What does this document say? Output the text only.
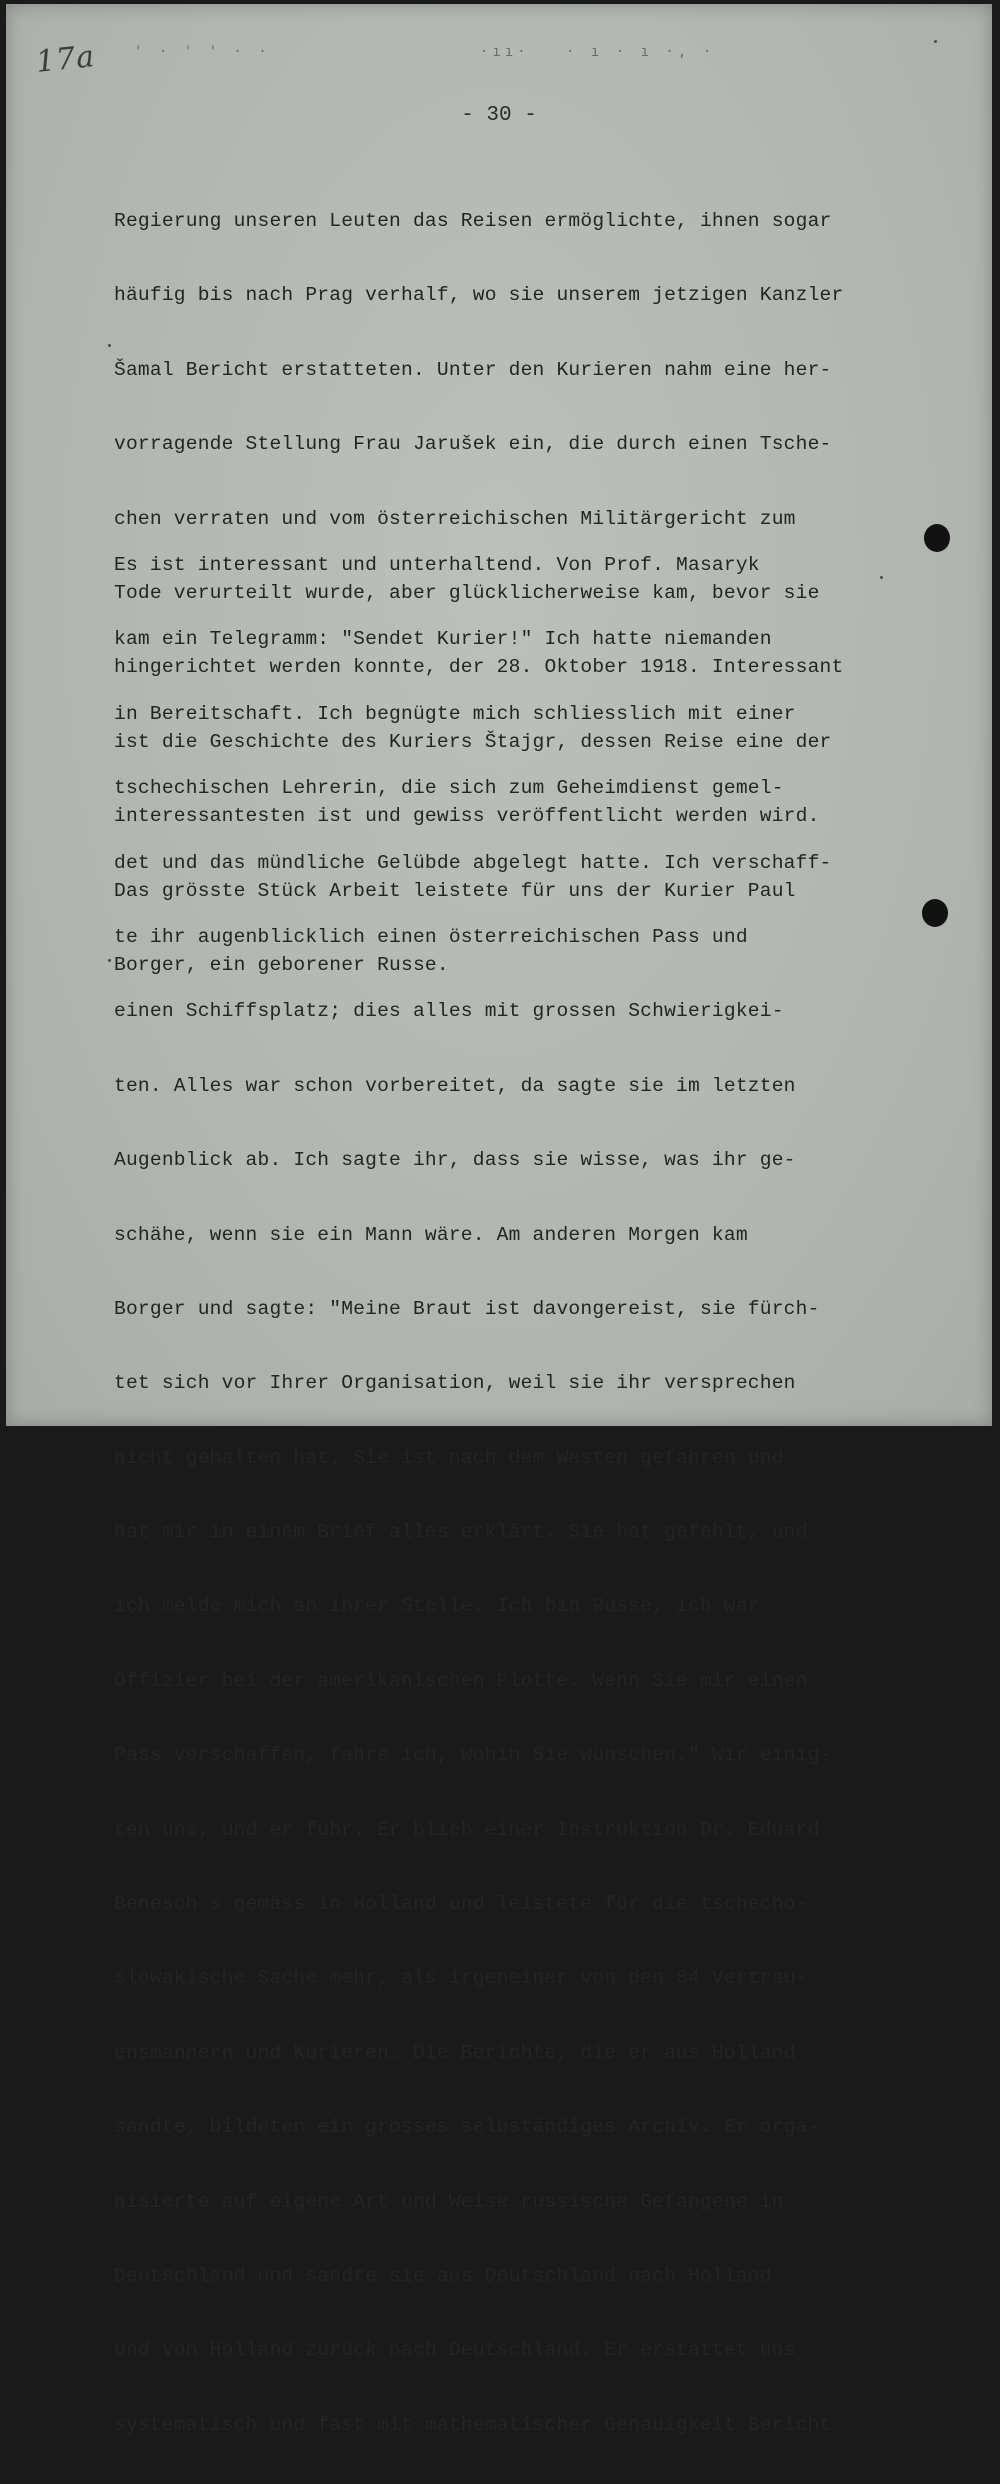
17a	' · ' ' · ·	·ıı·	· ı · ı ·, ·
- 30 -

Regierung unseren Leuten das Reisen ermöglichte, ihnen sogar

häufig bis nach Prag verhalf, wo sie unserem jetzigen Kanzler

Šamal Bericht erstatteten. Unter den Kurieren nahm eine her-

vorragende Stellung Frau Jarušek ein, die durch einen Tsche-

chen verraten und vom österreichischen Militärgericht zum

Tode verurteilt wurde, aber glücklicherweise kam, bevor sie

hingerichtet werden konnte, der 28. Oktober 1918. Interessant

ist die Geschichte des Kuriers Štajgr, dessen Reise eine der

interessantesten ist und gewiss veröffentlicht werden wird.

Das grösste Stück Arbeit leistete für uns der Kurier Paul

Borger, ein geborener Russe.

Es ist interessant und unterhaltend. Von Prof. Masaryk

kam ein Telegramm: "Sendet Kurier!" Ich hatte niemanden

in Bereitschaft. Ich begnügte mich schliesslich mit einer

tschechischen Lehrerin, die sich zum Geheimdienst gemel-

det und das mündliche Gelübde abgelegt hatte. Ich verschaff-

te ihr augenblicklich einen österreichischen Pass und

einen Schiffsplatz; dies alles mit grossen Schwierigkei-

ten. Alles war schon vorbereitet, da sagte sie im letzten

Augenblick ab. Ich sagte ihr, dass sie wisse, was ihr ge-

schähe, wenn sie ein Mann wäre. Am anderen Morgen kam

Borger und sagte: "Meine Braut ist davongereist, sie fürch-

tet sich vor Ihrer Organisation, weil sie ihr versprechen

nicht gehalten hat. Sie ist nach dem Westen gefahren und

hat mir in einem Brief alles erklärt. Sie hat gefehlt, und

ich melde mich an ihrer Stelle. Ich bin Russe, ich war

Offizier bei der amerikanischen Flotte. Wenn Sie mir einen

Pass verschaffen, fahre ich, wohin Sie wünschen." Wir einig-

ten uns, und er fuhr. Er blieb einer Instruktion Dr. Eduard

Benesch´s gemäss in Holland und leistete für die tschecho-

slowakische Sache mehr, als irgeneiner von den 84 Vertrau-

ensmännern und Kurieren. Die Berichte, die er aus Holland

sandte, bildeten ein grosses selbständiges Archiv. Er orga-

nisierte auf eigene Art und Weise russische Gefangene in

Deutschland und sandte sie aus Deutschland nach Holland

und von Holland zurück nach Deutschland. Er erstattet uns

systematisch und fast mit mathematischer Genauigkeit Bericht
